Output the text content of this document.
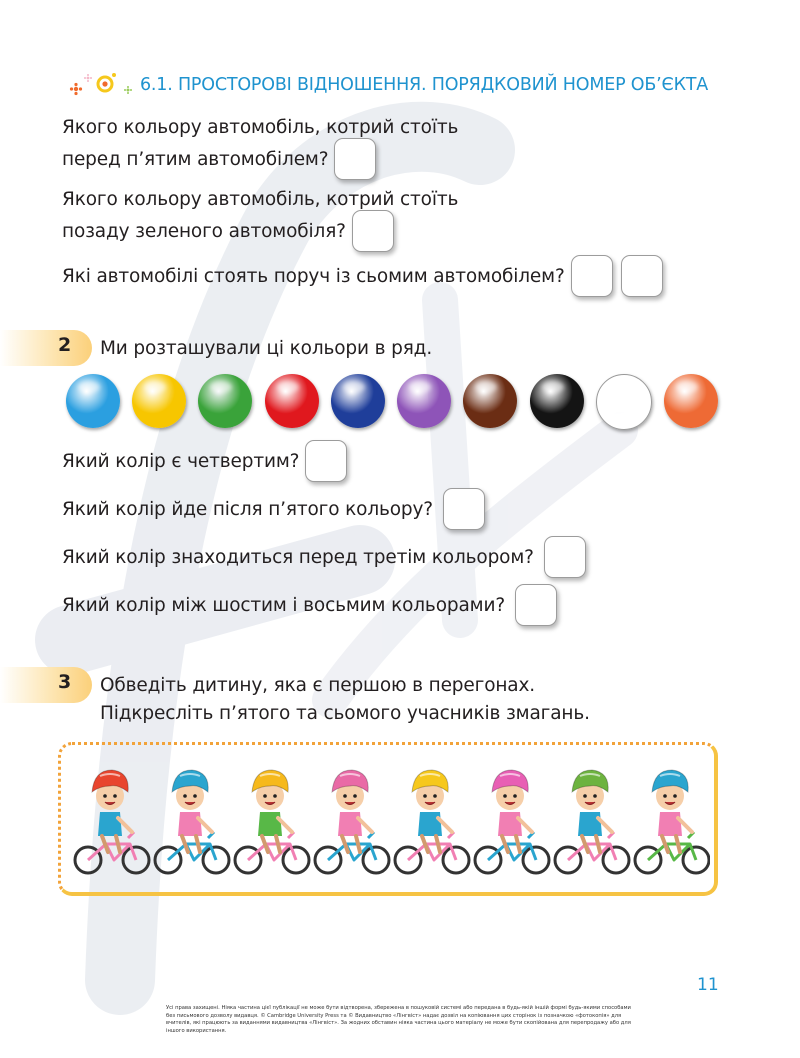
6.1. ПРОСТОРОВІ ВІДНОШЕННЯ. ПОРЯДКОВИЙ НОМЕР ОБ’ЄКТА
Якого кольору автомобіль, котрий стоїть
перед п’ятим автомобілем?
Якого кольору автомобіль, котрий стоїть
позаду зеленого автомобіля?
Які автомобілі стоять поруч із сьомим автомобілем?
2 Ми розташували ці кольори в ряд.
Який колір є четвертим?
Який колір йде після п’ятого кольору?
Який колір знаходиться перед третім кольором?
Який колір між шостим і восьмим кольорами?
3 Обведіть дитину, яка є першою в перегонах.
Підкресліть п’ятого та сьомого учасників змагань.
11
Усі права захищені. Ніяка частина цієї публікації не може бути відтворена, збережена в пошуковій системі або передана в будь-якій іншій формі будь-якими способами без письмового дозволу видавця. © Cambridge University Press та © Видавництво «Лінгвіст» надає дозвіл на копіювання цих сторінок із позначкою «фотокопія» для вчителів, які працюють за виданнями видавництва «Лінгвіст». За жодних обставин ніяка частина цього матеріалу не може бути скопійована для перепродажу або для іншого використання.
